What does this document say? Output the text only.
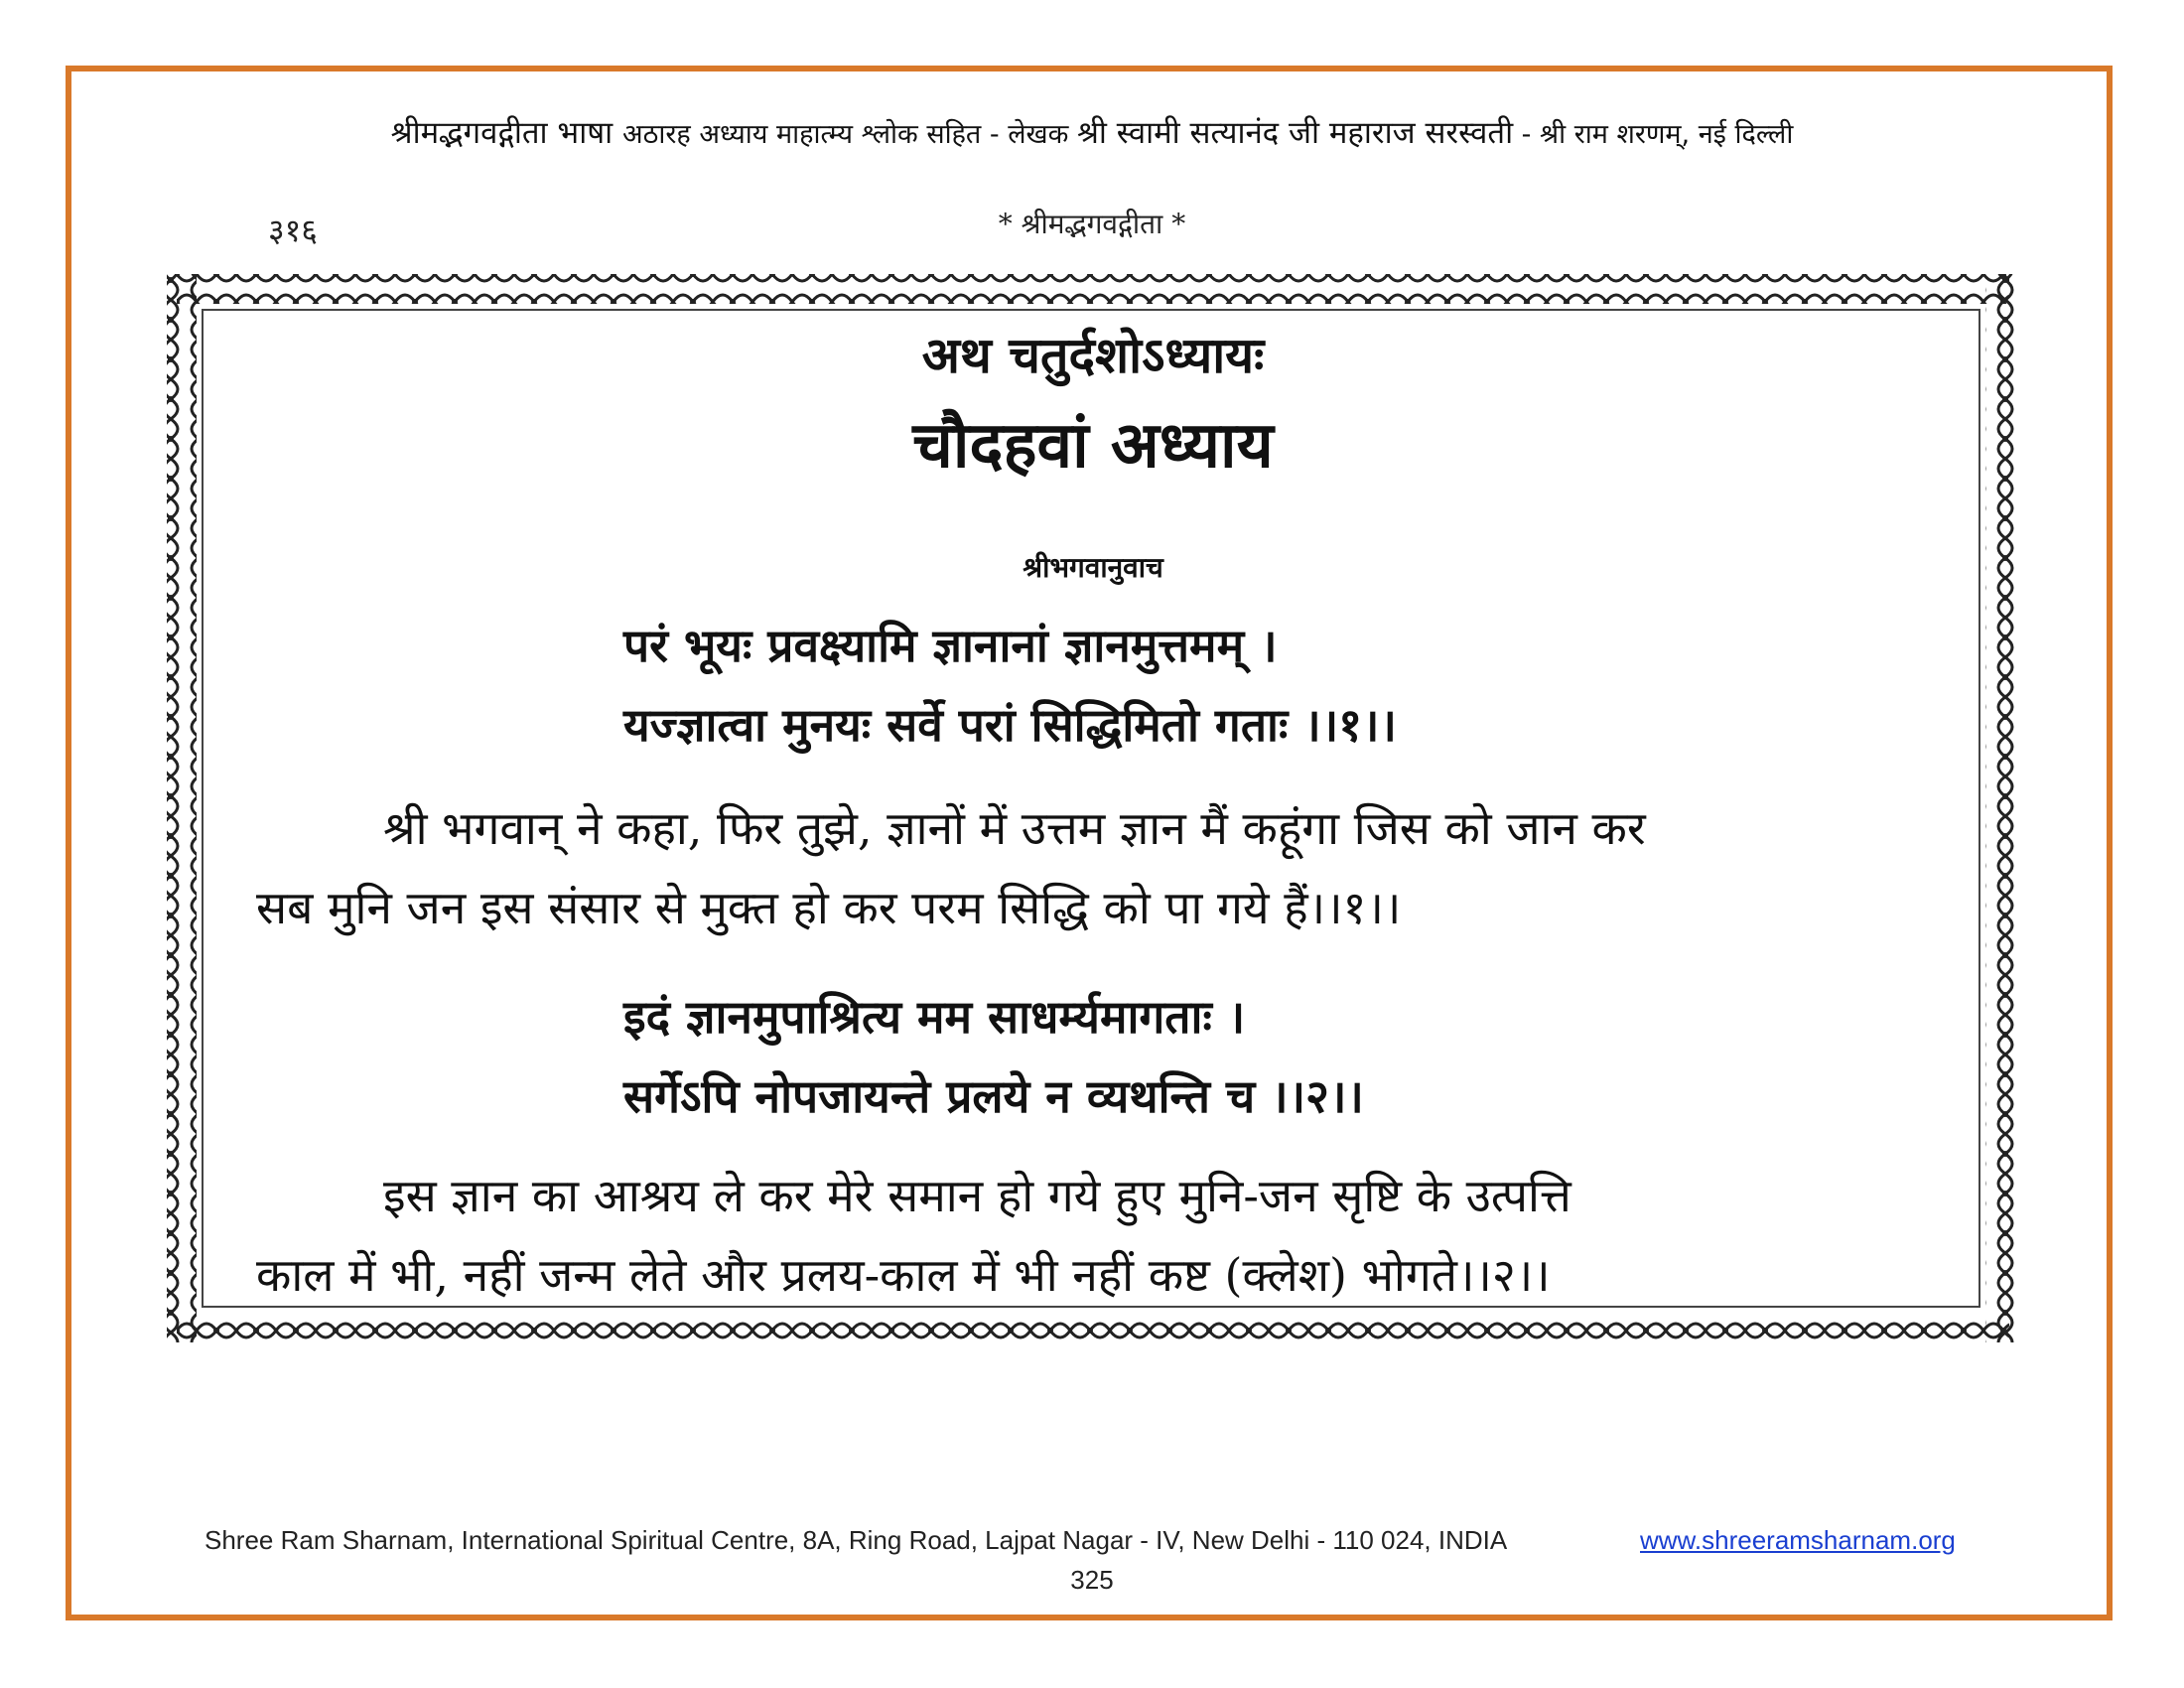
श्रीमद्भगवद्गीता भाषा अठारह अध्याय माहात्म्य श्लोक सहित - लेखक श्री स्वामी सत्यानंद जी महाराज सरस्वती - श्री राम शरणम्, नई दिल्ली
३१६	* श्रीमद्भगवद्गीता *
अथ चतुर्दशोऽध्यायः
चौदहवां अध्याय
श्रीभगवानुवाच
परं भूयः प्रवक्ष्यामि ज्ञानानां ज्ञानमुत्तमम् ।
यज्ज्ञात्वा मुनयः सर्वे परां सिद्धिमितो गताः ।।१।।
श्री भगवान् ने कहा, फिर तुझे, ज्ञानों में उत्तम ज्ञान मैं कहूंगा जिस को जान कर
सब मुनि जन इस संसार से मुक्त हो कर परम सिद्धि को पा गये हैं।।१।।
इदं ज्ञानमुपाश्रित्य मम साधर्म्यमागताः ।
सर्गेऽपि नोपजायन्ते प्रलये न व्यथन्ति च ।।२।।
इस ज्ञान का आश्रय ले कर मेरे समान हो गये हुए मुनि-जन सृष्टि के उत्पत्ति
काल में भी, नहीं जन्म लेते और प्रलय-काल में भी नहीं कष्ट (क्लेश) भोगते।।२।।
Shree Ram Sharnam, International Spiritual Centre, 8A, Ring Road, Lajpat Nagar - IV, New Delhi - 110 024, INDIA	www.shreeramsharnam.org
325
